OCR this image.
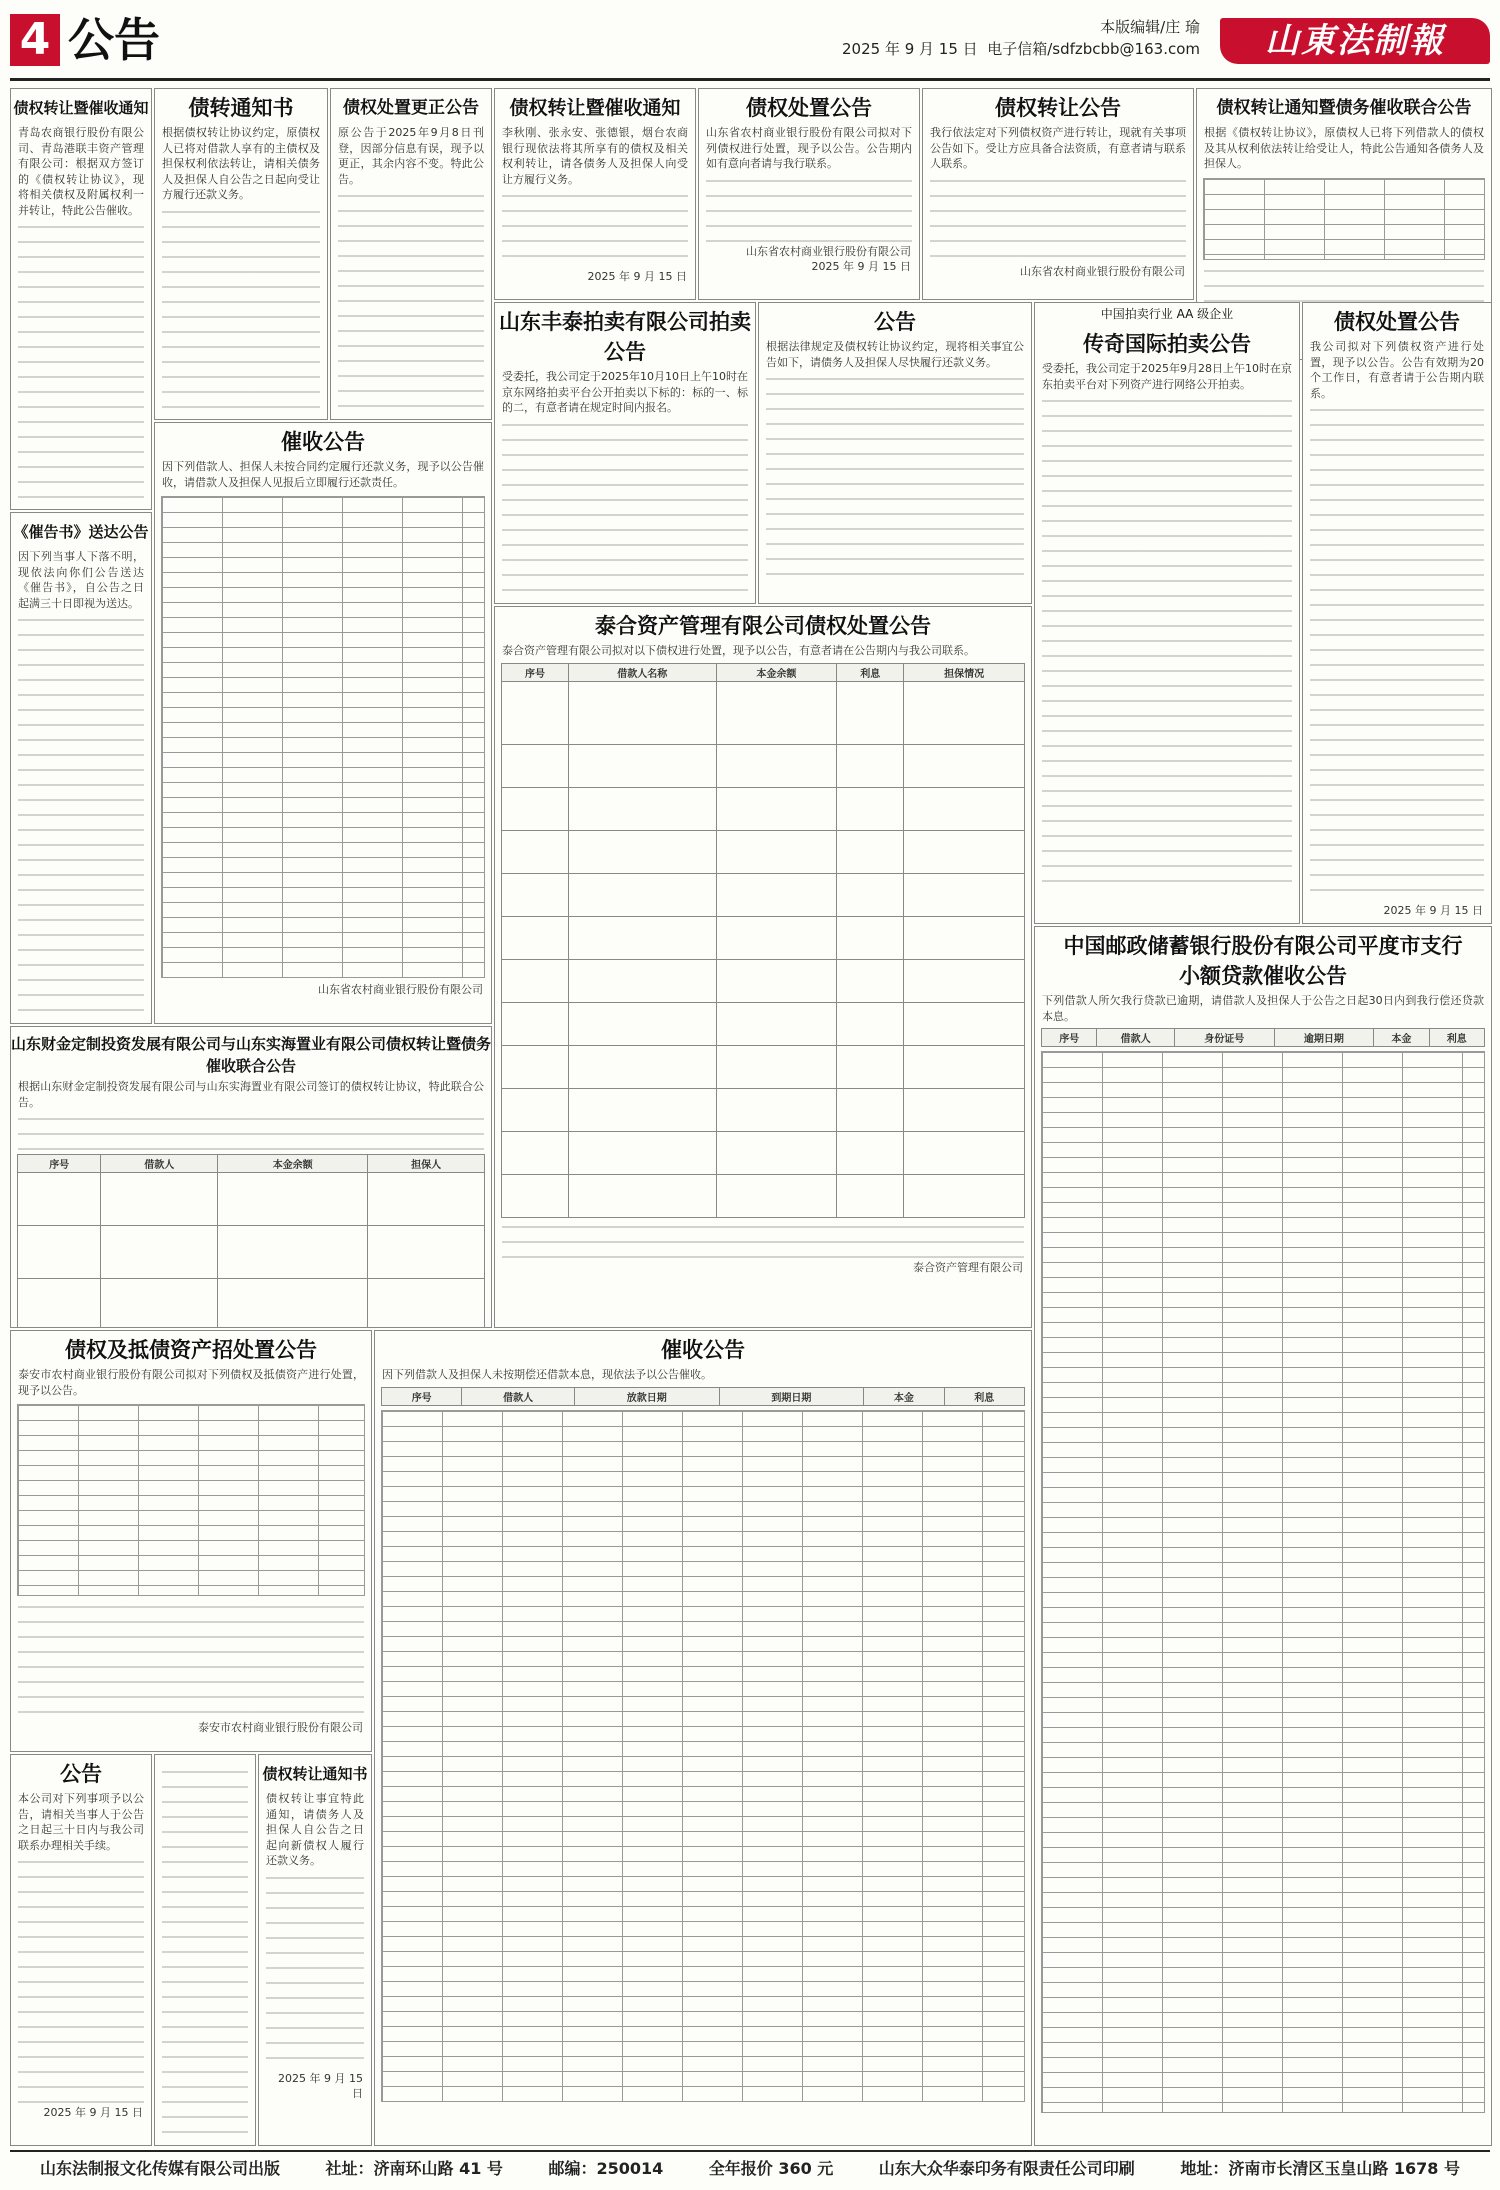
4 公告	本版编辑/庄 瑜
2025 年 9 月 15 日 电子信箱/sdfzbcbb@163.com	山東法制報
债权转让暨催收通知
青岛农商银行股份有限公司、青岛港联丰资产管理有限公司：根据双方签订的《债权转让协议》，现将相关债权及附属权利一并转让，特此公告催收。
《催告书》送达公告
因下列当事人下落不明，现依法向你们公告送达《催告书》，自公告之日起满三十日即视为送达。
债转通知书
根据债权转让协议约定，原债权人已将对借款人享有的主债权及担保权利依法转让，请相关债务人及担保人自公告之日起向受让方履行还款义务。
债权处置更正公告
原公告于2025年9月8日刊登，因部分信息有误，现予以更正，其余内容不变。特此公告。
催收公告
因下列借款人、担保人未按合同约定履行还款义务，现予以公告催收，请借款人及担保人见报后立即履行还款责任。
山东省农村商业银行股份有限公司
山东财金定制投资发展有限公司与山东实海置业有限公司债权转让暨债务催收联合公告
根据山东财金定制投资发展有限公司与山东实海置业有限公司签订的债权转让协议，特此联合公告。
序号	借款人	本金余额	担保人

债权及抵债资产招处置公告
泰安市农村商业银行股份有限公司拟对下列债权及抵债资产进行处置，现予以公告。
泰安市农村商业银行股份有限公司
公告
本公司对下列事项予以公告，请相关当事人于公告之日起三十日内与我公司联系办理相关手续。
2025 年 9 月 15 日
债权转让通知书
债权转让事宜特此通知，请债务人及担保人自公告之日起向新债权人履行还款义务。
2025 年 9 月 15 日
债权转让暨催收通知
李秋刚、张永安、张德银，烟台农商银行现依法将其所享有的债权及相关权利转让，请各债务人及担保人向受让方履行义务。
2025 年 9 月 15 日
山东丰泰拍卖有限公司拍卖公告
受委托，我公司定于2025年10月10日上午10时在京东网络拍卖平台公开拍卖以下标的：标的一、标的二，有意者请在规定时间内报名。
公告
根据法律规定及债权转让协议约定，现将相关事宜公告如下，请债务人及担保人尽快履行还款义务。
债权处置公告
山东省农村商业银行股份有限公司拟对下列债权进行处置，现予以公告。公告期内如有意向者请与我行联系。
山东省农村商业银行股份有限公司
2025 年 9 月 15 日
债权转让公告
我行依法定对下列债权资产进行转让，现就有关事项公告如下。受让方应具备合法资质，有意者请与联系人联系。
山东省农村商业银行股份有限公司
债权转让通知暨债务催收联合公告
根据《债权转让协议》，原债权人已将下列借款人的债权及其从权利依法转让给受让人，特此公告通知各债务人及担保人。
中国拍卖行业 AA 级企业
传奇国际拍卖公告
受委托，我公司定于2025年9月28日上午10时在京东拍卖平台对下列资产进行网络公开拍卖。
债权处置公告
我公司拟对下列债权资产进行处置，现予以公告。公告有效期为20个工作日，有意者请于公告期内联系。
2025 年 9 月 15 日
泰合资产管理有限公司债权处置公告
泰合资产管理有限公司拟对以下债权进行处置，现予以公告，有意者请在公告期内与我公司联系。
序号	借款人名称	本金余额	利息	担保情况

泰合资产管理有限公司
催收公告
因下列借款人及担保人未按期偿还借款本息，现依法予以公告催收。
序号	借款人	放款日期	到期日期	本金	利息
中国邮政储蓄银行股份有限公司平度市支行
小额贷款催收公告
下列借款人所欠我行贷款已逾期，请借款人及担保人于公告之日起30日内到我行偿还贷款本息。
序号	借款人	身份证号	逾期日期	本金	利息
山东法制报文化传媒有限公司出版	社址：济南环山路 41 号	邮编：250014	全年报价 360 元	山东大众华泰印务有限责任公司印刷	地址：济南市长清区玉皇山路 1678 号
